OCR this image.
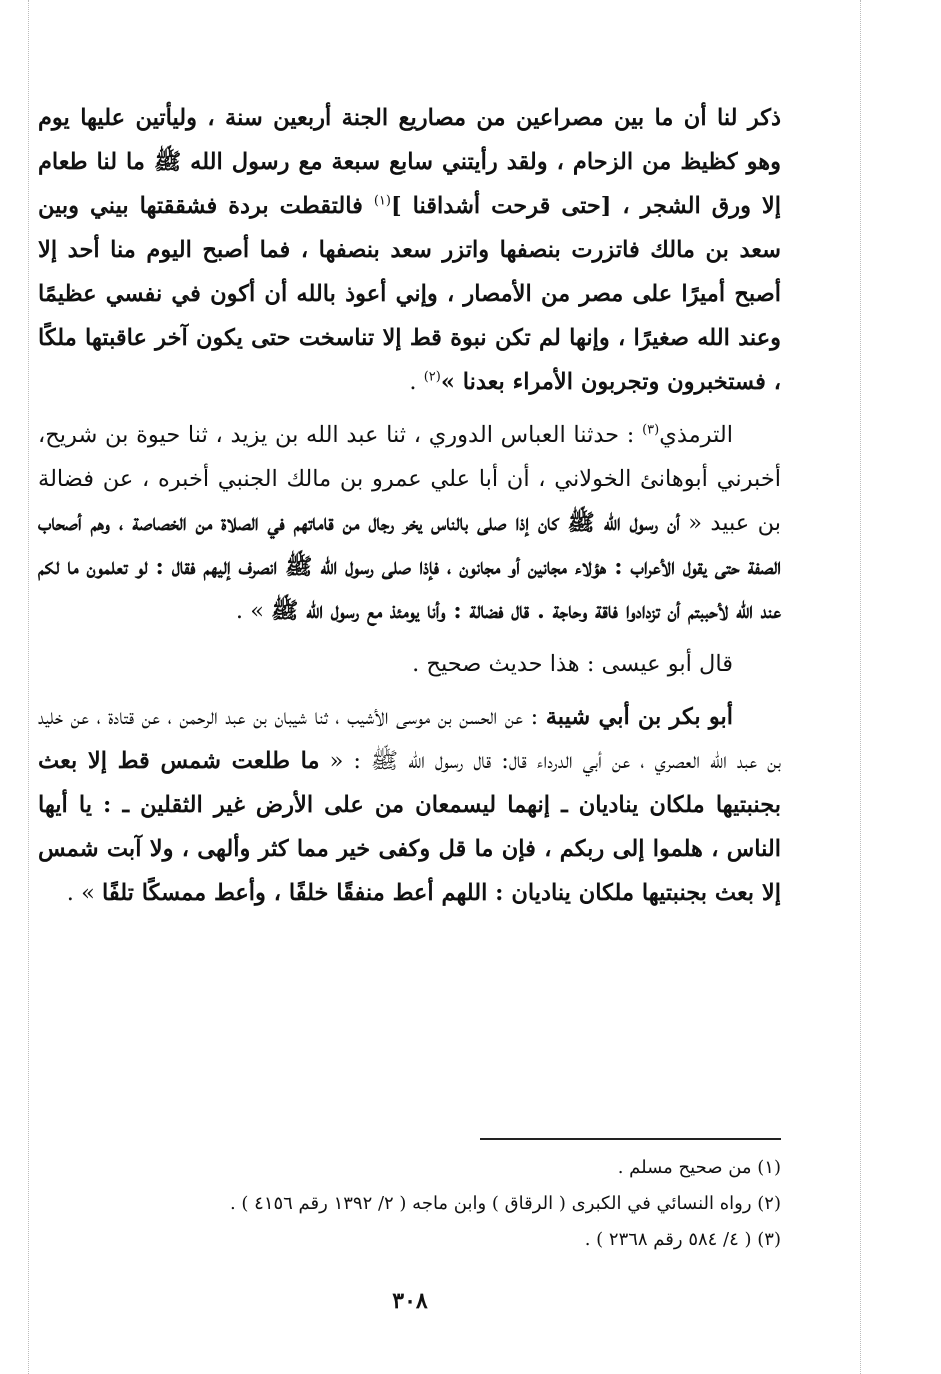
ذكر لنا أن ما بين مصراعين من مصاريع الجنة أربعين سنة ، وليأتين عليها يوم وهو كظيظ من الزحام ، ولقد رأيتني سابع سبعة مع رسول الله ﷺ ما لنا طعام إلا ورق الشجر ، [حتى قرحت أشداقنا ]$^{(١)}$ فالتقطت بردة فشققتها بيني وبين سعد بن مالك فاتزرت بنصفها واتزر سعد بنصفها ، فما أصبح اليوم منا أحد إلا أصبح أميرًا على مصر من الأمصار ، وإني أعوذ بالله أن أكون في نفسي عظيمًا وعند الله صغيرًا ، وإنها لم تكن نبوة قط إلا تناسخت حتى يكون آخر عاقبتها ملكًا ، فستخبرون وتجربون الأمراء بعدنا »$^{(٢)}$ .

الترمذي$^{(٣)}$ : حدثنا العباس الدوري ، ثنا عبد الله بن يزيد ، ثنا حيوة بن شريح، أخبرني أبوهانئ الخولاني ، أن أبا علي عمرو بن مالك الجنبي أخبره ، عن فضالة بن عبيد « أن رسول الله ﷺ كان إذا صلى بالناس يخر رجال من قاماتهم في الصلاة من الخصاصة ، وهم أصحاب الصفة حتى يقول الأعراب : هؤلاء مجانين أو مجانون ، فإذا صلى رسول الله ﷺ انصرف إليهم فقال : لو تعلمون ما لكم عند الله لأحببتم أن تزدادوا فاقة وحاجة . قال فضالة : وأنا يومئذ مع رسول الله ﷺ » .

قال أبو عيسى : هذا حديث صحيح .

أبو بكر بن أبي شيبة : عن الحسن بن موسى الأشيب ، ثنا شيبان بن عبد الرحمن ، عن قتادة ، عن خليد بن عبد الله العصري ، عن أبي الدرداء قال: قال رسول الله ﷺ : « ما طلعت شمس قط إلا بعث بجنبتيها ملكان يناديان ـ إنهما ليسمعان من على الأرض غير الثقلين ـ : يا أيها الناس ، هلموا إلى ربكم ، فإن ما قل وكفى خير مما كثر وألهى ، ولا آبت شمس إلا بعث بجنبتيها ملكان يناديان : اللهم أعط منفقًا خلفًا ، وأعط ممسكًا تلفًا » .

(١) من صحيح مسلم .
(٢) رواه النسائي في الكبرى ( الرقاق ) وابن ماجه ( ٢/ ١٣٩٢ رقم ٤١٥٦ ) .
(٣) ( ٤/ ٥٨٤ رقم ٢٣٦٨ ) .
٣٠٨
